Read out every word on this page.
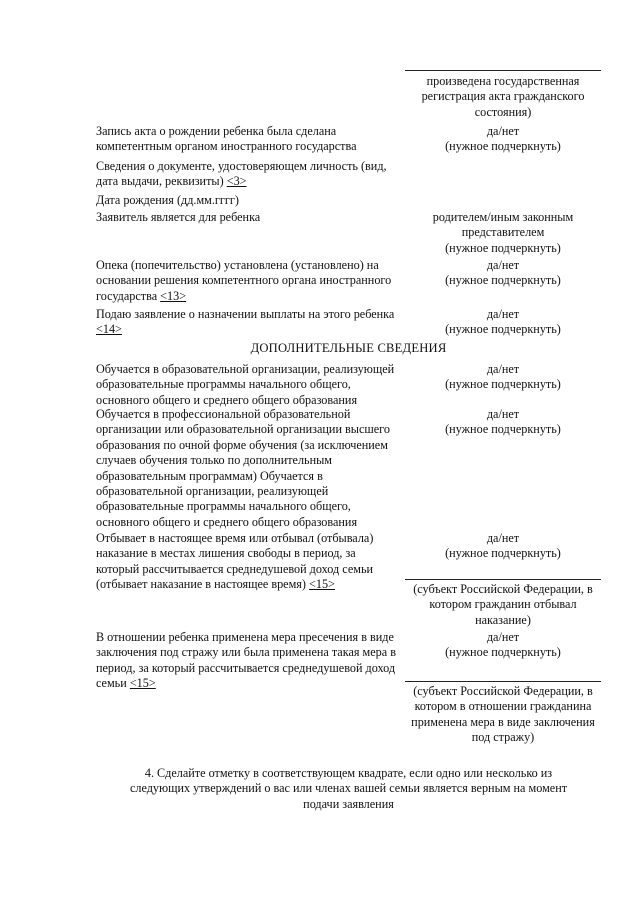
произведена государственная
регистрация акта гражданского
состояния)
Запись акта о рождении ребенка была сделана
компетентным органом иностранного государства
да/нет
(нужное подчеркнуть)
Сведения о документе, удостоверяющем личность (вид,
дата выдачи, реквизиты) <3>
Дата рождения (дд.мм.гггг)
Заявитель является для ребенка	родителем/иным законным
представителем
(нужное подчеркнуть)
Опека (попечительство) установлена (установлено) на
основании решения компетентного органа иностранного
государства <13>
да/нет
(нужное подчеркнуть)
Подаю заявление о назначении выплаты на этого ребенка
<14>
да/нет
(нужное подчеркнуть)
ДОПОЛНИТЕЛЬНЫЕ СВЕДЕНИЯ
Обучается в образовательной организации, реализующей
образовательные программы начального общего,
основного общего и среднего общего образования
да/нет
(нужное подчеркнуть)
Обучается в профессиональной образовательной
организации или образовательной организации высшего
образования по очной форме обучения (за исключением
случаев обучения только по дополнительным
образовательным программам) Обучается в
образовательной организации, реализующей
образовательные программы начального общего,
основного общего и среднего общего образования
да/нет
(нужное подчеркнуть)
Отбывает в настоящее время или отбывал (отбывала)
наказание в местах лишения свободы в период, за
который рассчитывается среднедушевой доход семьи
(отбывает наказание в настоящее время) <15>
да/нет
(нужное подчеркнуть)
(субъект Российской Федерации, в
котором гражданин отбывал
наказание)
В отношении ребенка применена мера пресечения в виде
заключения под стражу или была применена такая мера в
период, за который рассчитывается среднедушевой доход
семьи <15>
да/нет
(нужное подчеркнуть)
(субъект Российской Федерации, в
котором в отношении гражданина
применена мера в виде заключения
под стражу)
4. Сделайте отметку в соответствующем квадрате, если одно или несколько из
следующих утверждений о вас или членах вашей семьи является верным на момент
подачи заявления
